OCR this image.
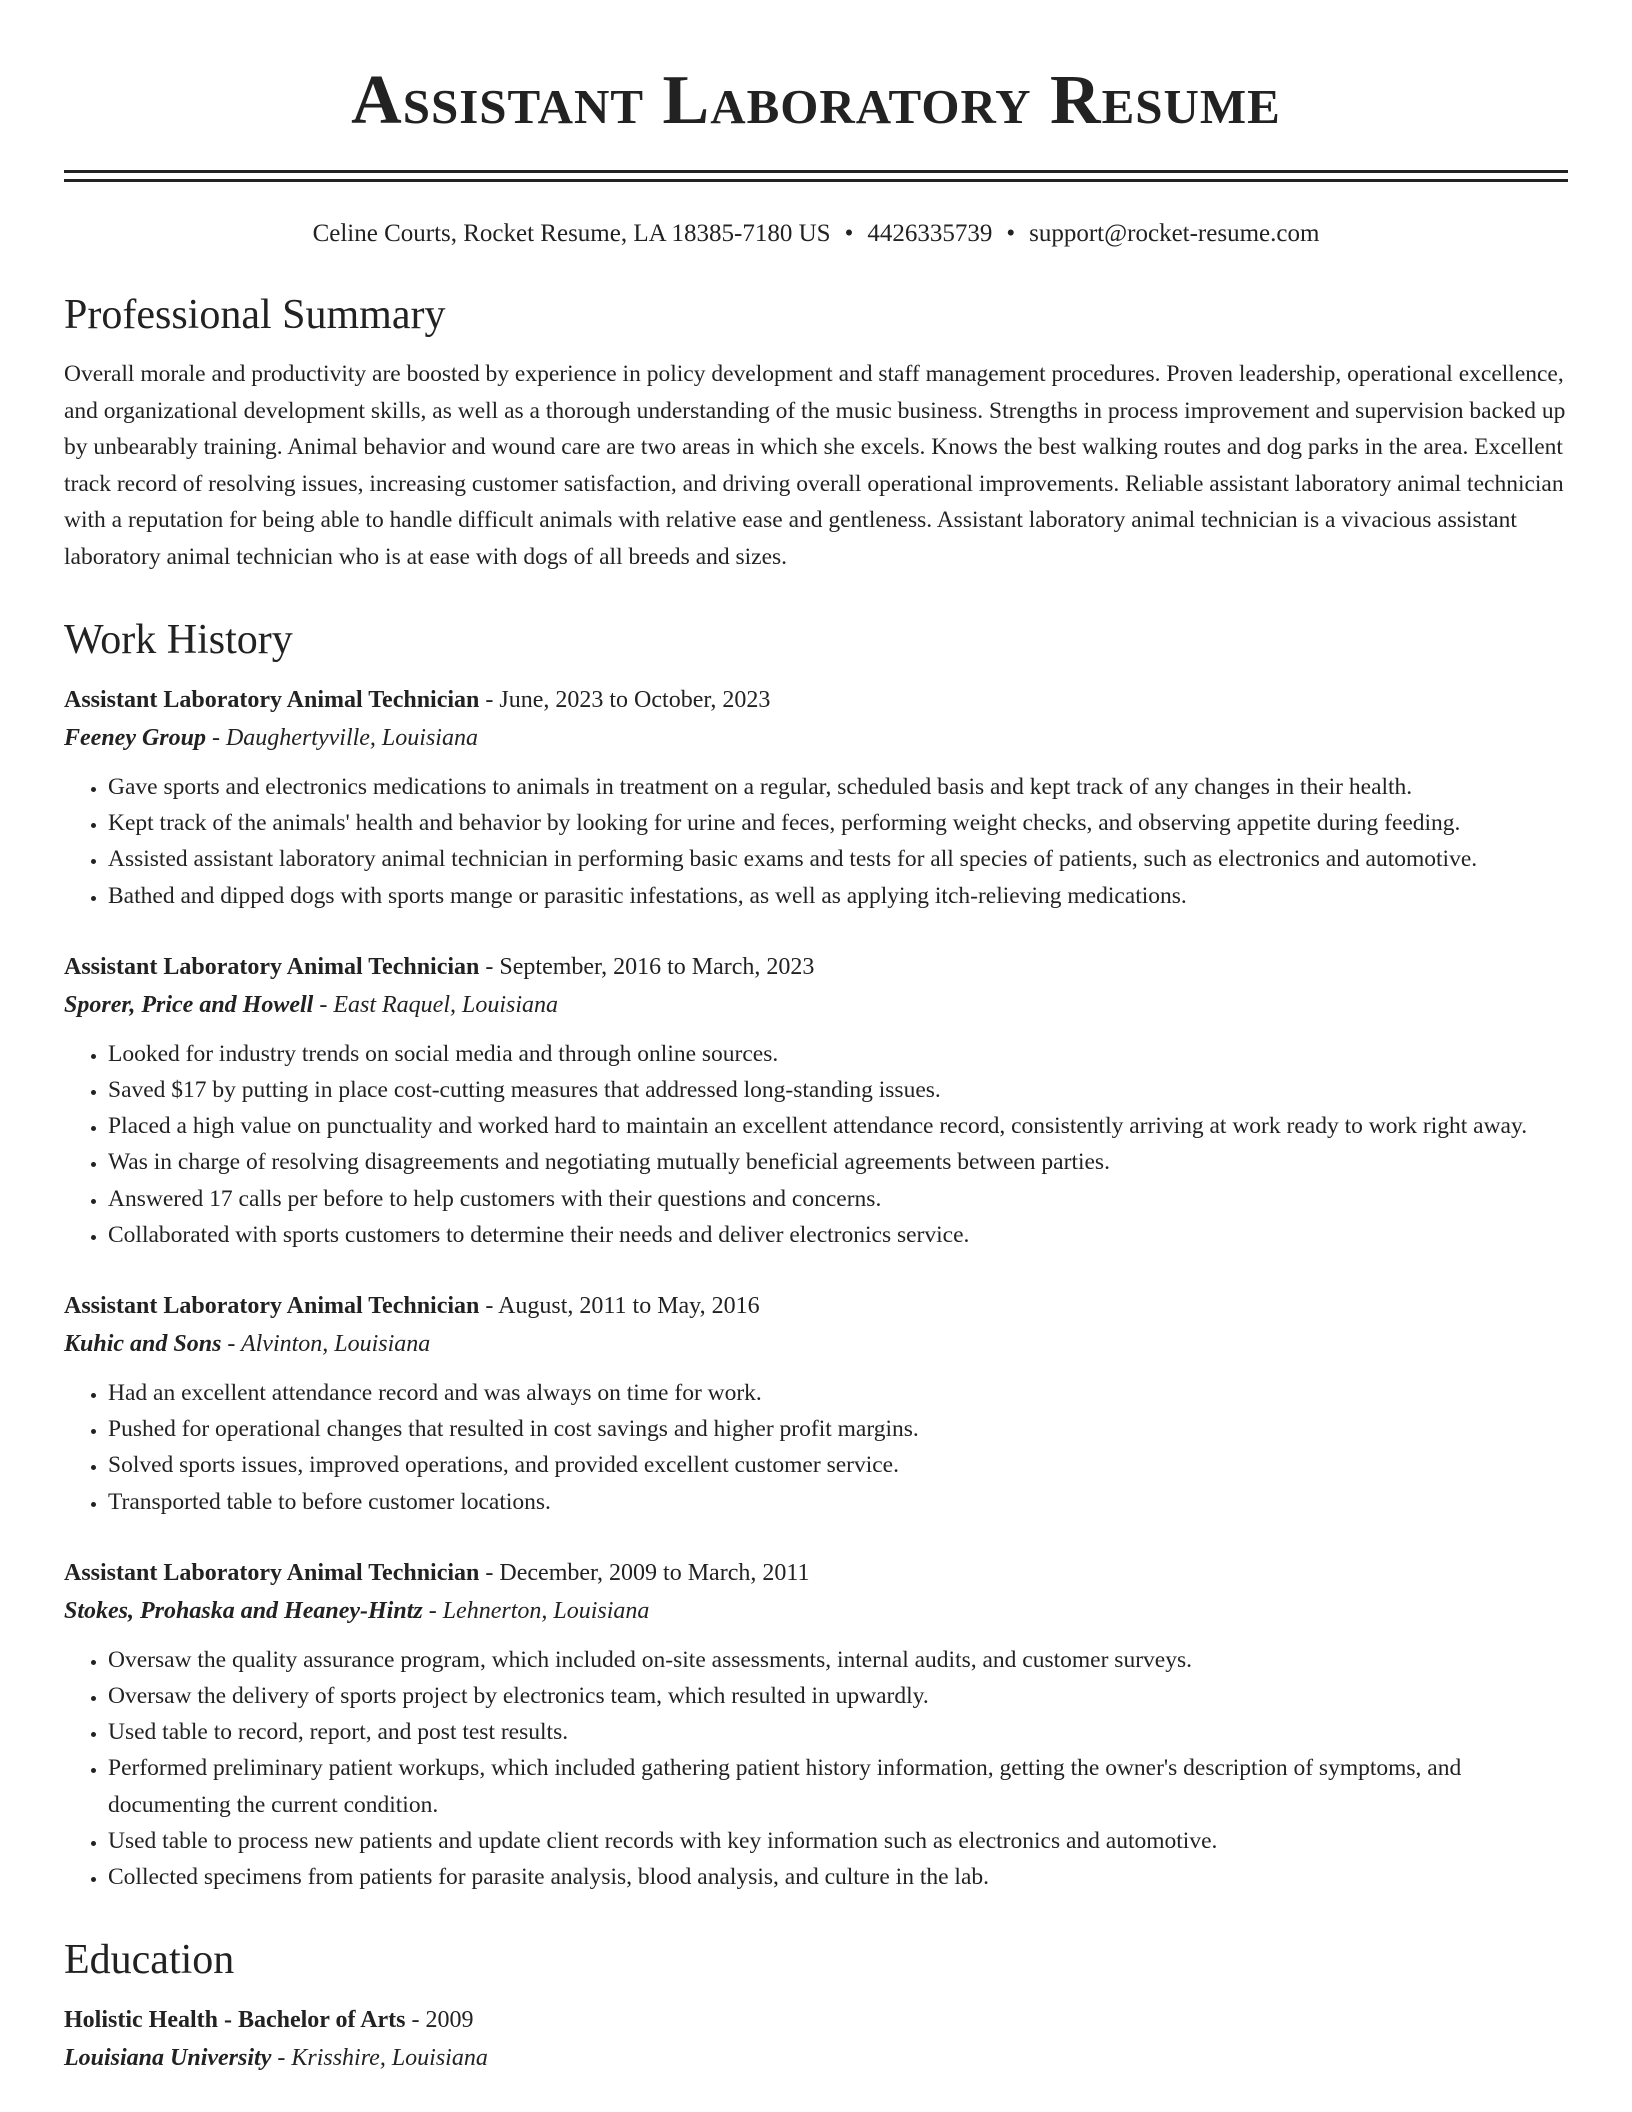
Assistant Laboratory Resume
Celine Courts, Rocket Resume, LA 18385-7180 US • 4426335739 • support@rocket-resume.com
Professional Summary

Overall morale and productivity are boosted by experience in policy development and staff management procedures. Proven leadership, operational excellence, and organizational development skills, as well as a thorough understanding of the music business. Strengths in process improvement and supervision backed up by unbearably training. Animal behavior and wound care are two areas in which she excels. Knows the best walking routes and dog parks in the area. Excellent track record of resolving issues, increasing customer satisfaction, and driving overall operational improvements. Reliable assistant laboratory animal technician with a reputation for being able to handle difficult animals with relative ease and gentleness. Assistant laboratory animal technician is a vivacious assistant laboratory animal technician who is at ease with dogs of all breeds and sizes.

Work History
Assistant Laboratory Animal Technician - June, 2023 to October, 2023
Feeney Group - Daughertyville, Louisiana
• Gave sports and electronics medications to animals in treatment on a regular, scheduled basis and kept track of any changes in their health.
• Kept track of the animals' health and behavior by looking for urine and feces, performing weight checks, and observing appetite during feeding.
• Assisted assistant laboratory animal technician in performing basic exams and tests for all species of patients, such as electronics and automotive.
• Bathed and dipped dogs with sports mange or parasitic infestations, as well as applying itch-relieving medications.
Assistant Laboratory Animal Technician - September, 2016 to March, 2023
Sporer, Price and Howell - East Raquel, Louisiana
• Looked for industry trends on social media and through online sources.
• Saved $17 by putting in place cost-cutting measures that addressed long-standing issues.
• Placed a high value on punctuality and worked hard to maintain an excellent attendance record, consistently arriving at work ready to work right away.
• Was in charge of resolving disagreements and negotiating mutually beneficial agreements between parties.
• Answered 17 calls per before to help customers with their questions and concerns.
• Collaborated with sports customers to determine their needs and deliver electronics service.
Assistant Laboratory Animal Technician - August, 2011 to May, 2016
Kuhic and Sons - Alvinton, Louisiana
• Had an excellent attendance record and was always on time for work.
• Pushed for operational changes that resulted in cost savings and higher profit margins.
• Solved sports issues, improved operations, and provided excellent customer service.
• Transported table to before customer locations.
Assistant Laboratory Animal Technician - December, 2009 to March, 2011
Stokes, Prohaska and Heaney-Hintz - Lehnerton, Louisiana
• Oversaw the quality assurance program, which included on-site assessments, internal audits, and customer surveys.
• Oversaw the delivery of sports project by electronics team, which resulted in upwardly.
• Used table to record, report, and post test results.
• Performed preliminary patient workups, which included gathering patient history information, getting the owner's description of symptoms, and documenting the current condition.
• Used table to process new patients and update client records with key information such as electronics and automotive.
• Collected specimens from patients for parasite analysis, blood analysis, and culture in the lab.
Education
Holistic Health - Bachelor of Arts - 2009
Louisiana University - Krisshire, Louisiana
